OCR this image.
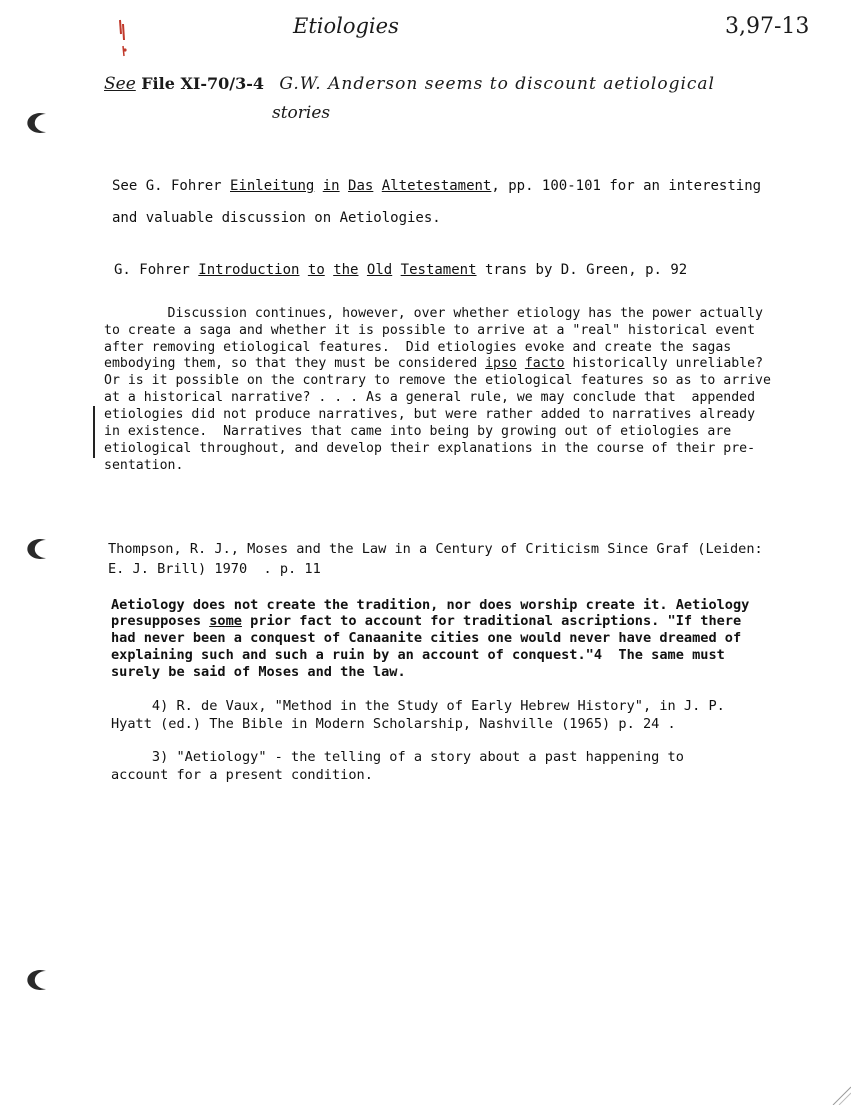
Etiologies	3,97-13
See File XI-70/3-4 G.W. Anderson seems to discount aetiological
stories
See G. Fohrer Einleitung in Das Altetestament, pp. 100-101 for an interesting
and valuable discussion on Aetiologies.
G. Fohrer Introduction to the Old Testament trans by D. Green, p. 92
Discussion continues, however, over whether etiology has the power actually
to create a saga and whether it is possible to arrive at a "real" historical event
after removing etiological features.  Did etiologies evoke and create the sagas
embodying them, so that they must be considered ipso facto historically unreliable?
Or is it possible on the contrary to remove the etiological features so as to arrive
at a historical narrative? . . . As a general rule, we may conclude that  appended
etiologies did not produce narratives, but were rather added to narratives already
in existence.  Narratives that came into being by growing out of etiologies are
etiological throughout, and develop their explanations in the course of their pre-
sentation.
Thompson, R. J., Moses and the Law in a Century of Criticism Since Graf (Leiden:
E. J. Brill) 1970  . p. 11
Aetiology does not create the tradition, nor does worship create it. Aetiology
presupposes some prior fact to account for traditional ascriptions. "If there
had never been a conquest of Canaanite cities one would never have dreamed of
explaining such and such a ruin by an account of conquest."4  The same must
surely be said of Moses and the law.
4) R. de Vaux, "Method in the Study of Early Hebrew History", in J. P.
Hyatt (ed.) The Bible in Modern Scholarship, Nashville (1965) p. 24 .
3) "Aetiology" - the telling of a story about a past happening to
account for a present condition.
